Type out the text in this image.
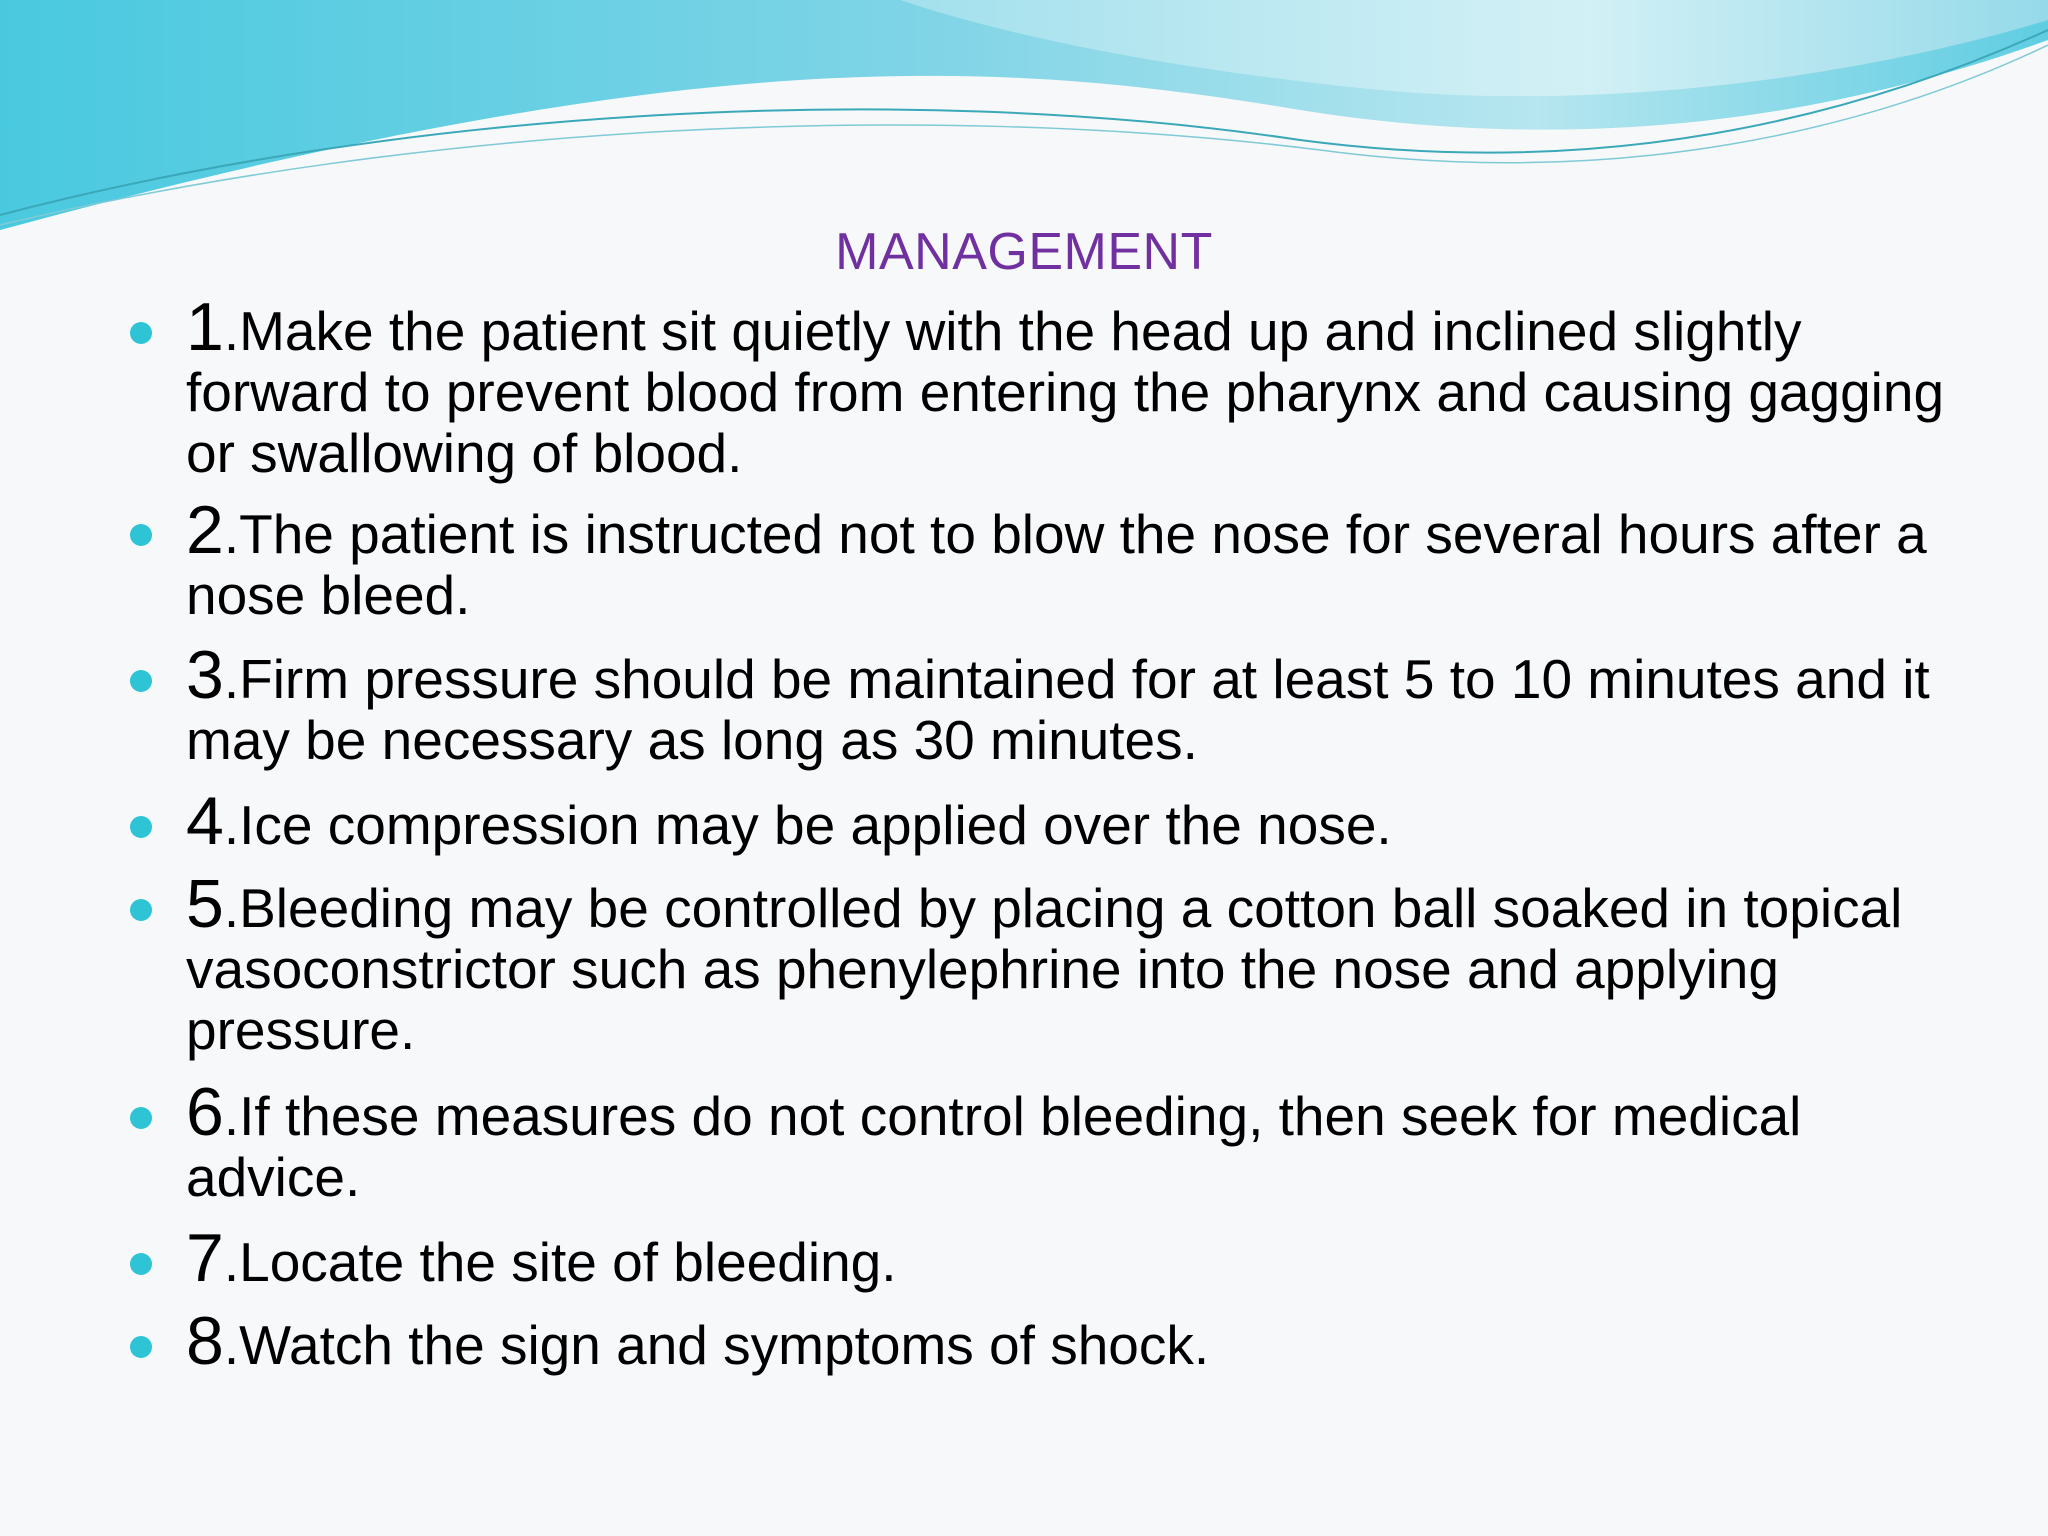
MANAGEMENT
1.Make the patient sit quietly with the head up and inclined slightly forward to prevent blood from entering the pharynx and causing gagging or swallowing of blood.
2.The patient is instructed not to blow the nose for several hours after a nose bleed.
3.Firm pressure should be maintained for at least 5 to 10 minutes and it may be necessary as long as 30 minutes.
4.Ice compression may be applied over the nose.
5.Bleeding may be controlled by placing a cotton ball soaked in topical vasoconstrictor such as phenylephrine into the nose and applying pressure.
6.If these measures do not control bleeding, then seek for medical advice.
7.Locate the site of bleeding.
8.Watch the sign and symptoms of shock.
